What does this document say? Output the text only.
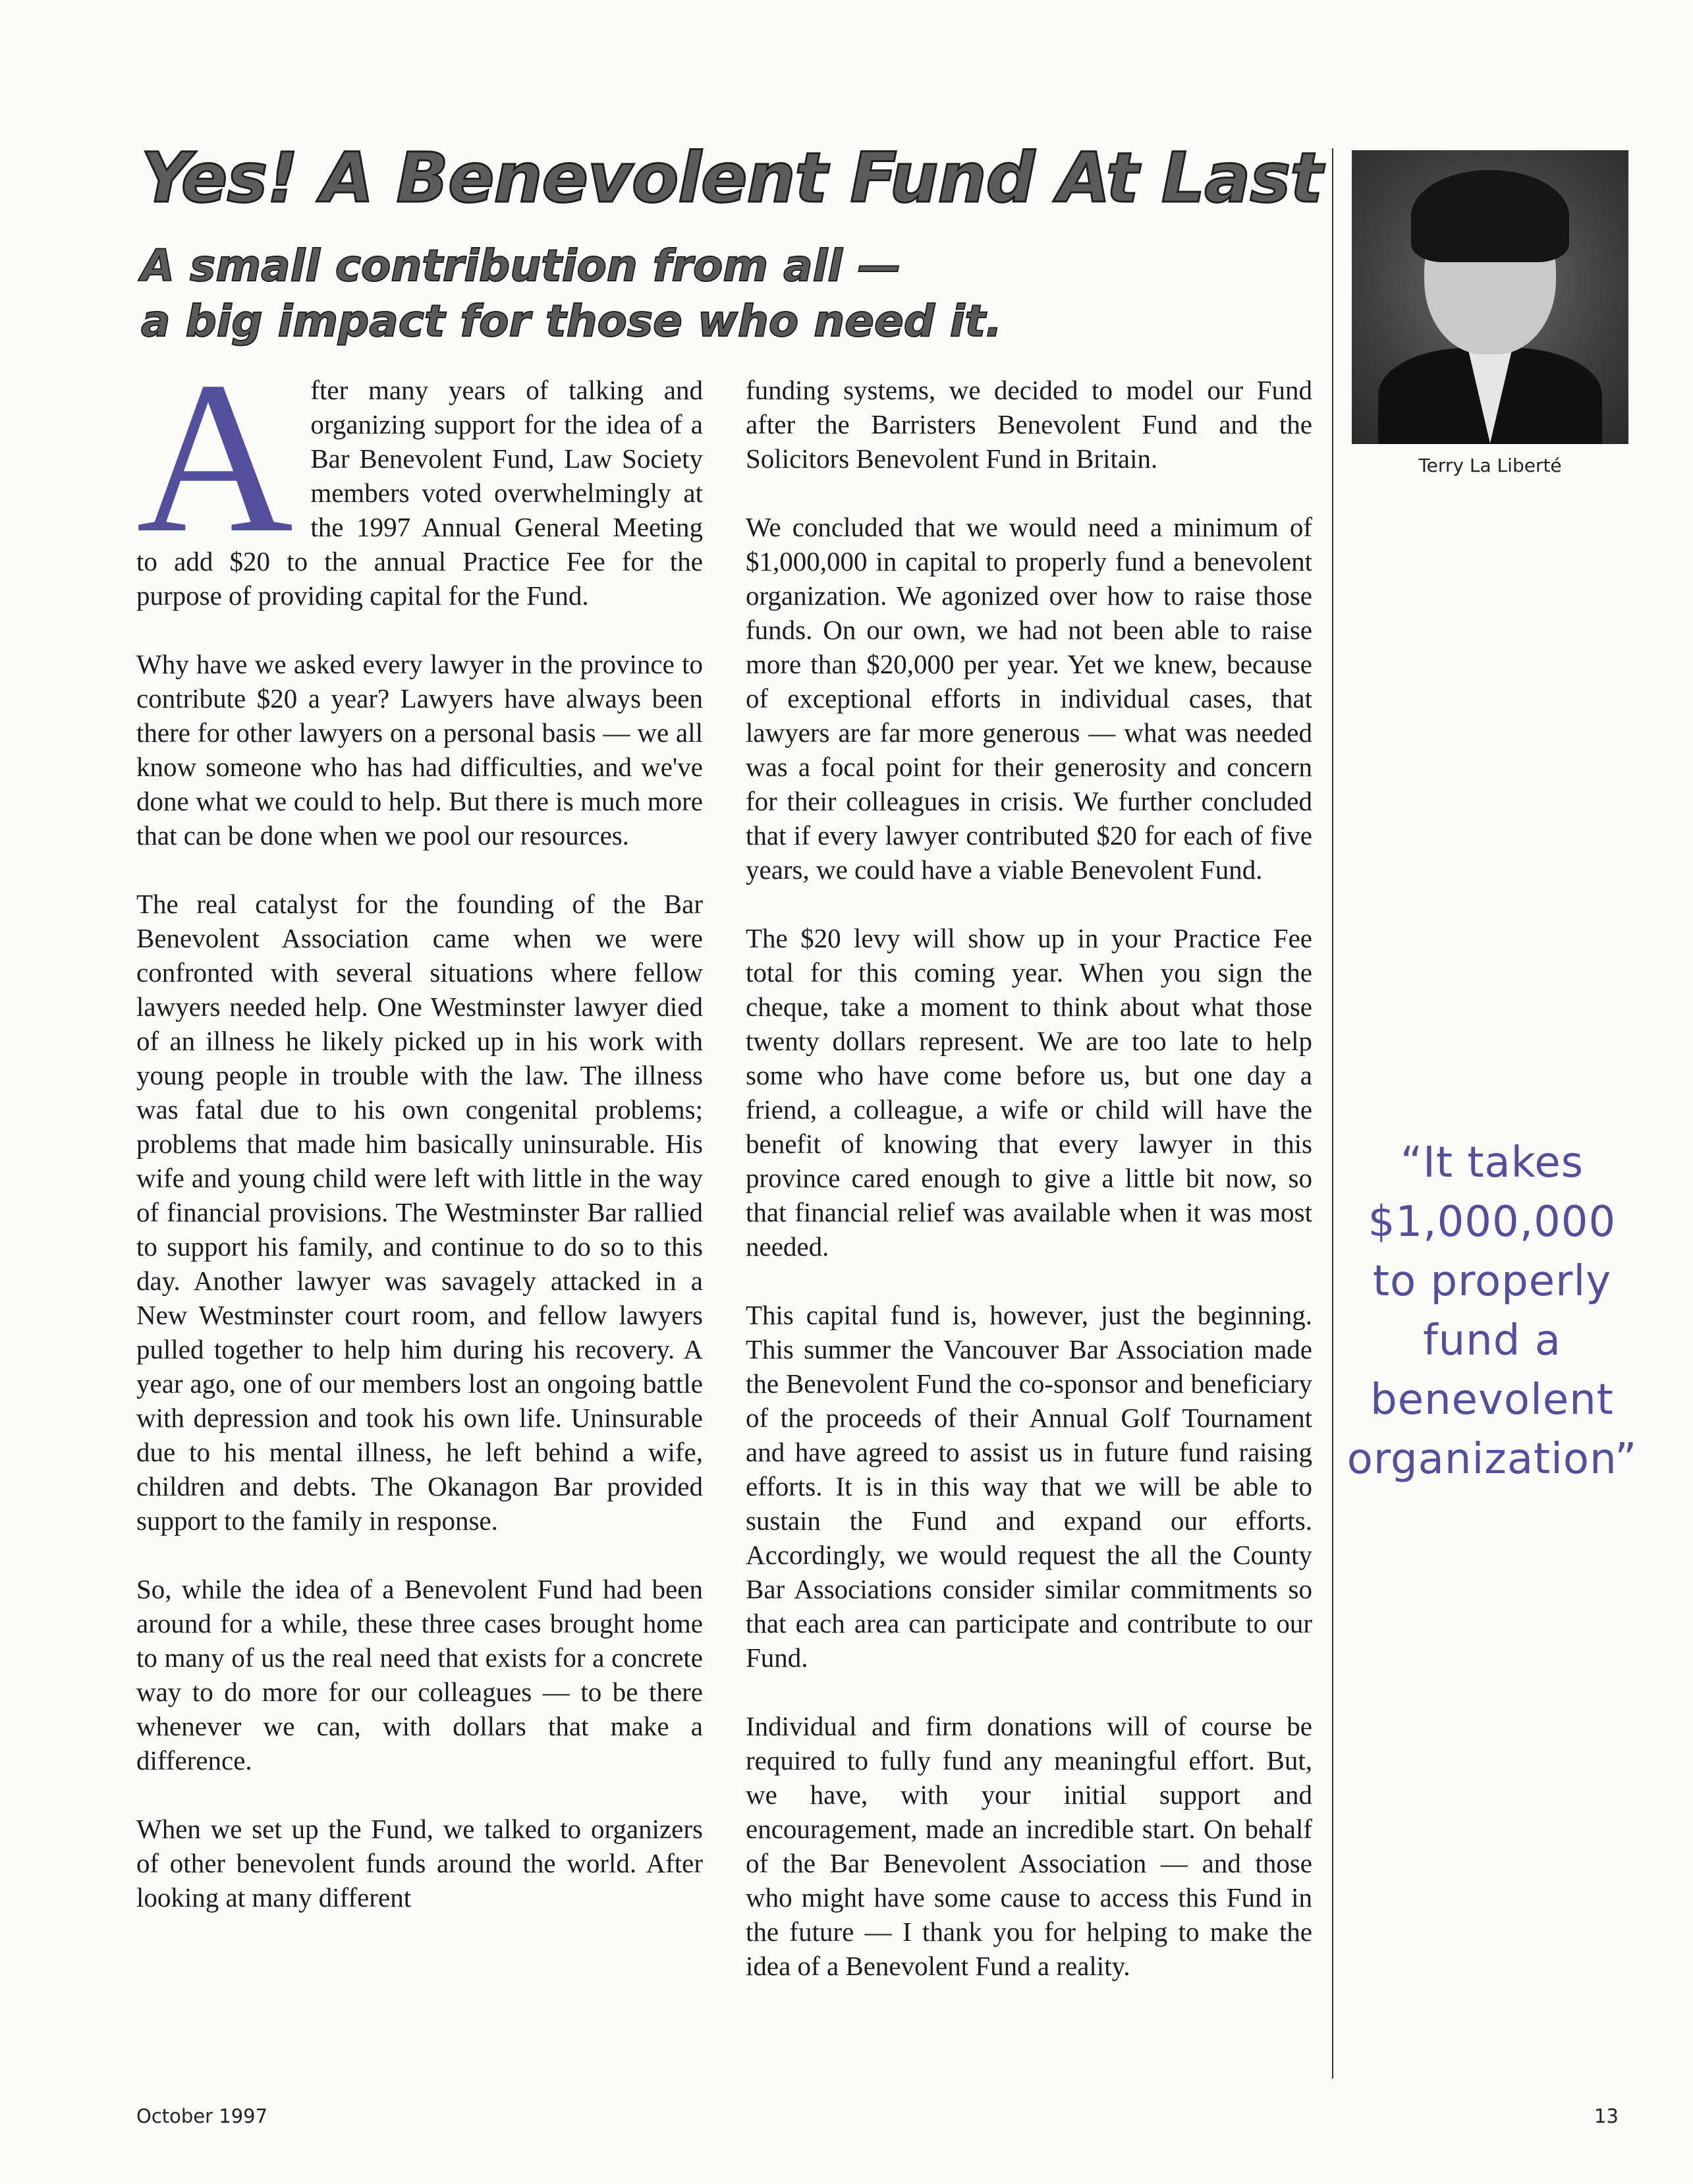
Yes! A Benevolent Fund At Last
A small contribution from all —
a big impact for those who need it.

After many years of talking and organizing support for the idea of a Bar Benevolent Fund, Law Society members voted overwhelmingly at the 1997 Annual General Meeting to add $20 to the annual Practice Fee for the purpose of providing capital for the Fund.

Why have we asked every lawyer in the province to contribute $20 a year? Lawyers have always been there for other lawyers on a personal basis — we all know someone who has had difficulties, and we've done what we could to help. But there is much more that can be done when we pool our resources.

The real catalyst for the founding of the Bar Benevolent Association came when we were confronted with several situations where fellow lawyers needed help. One Westminster lawyer died of an illness he likely picked up in his work with young people in trouble with the law. The illness was fatal due to his own congenital problems; problems that made him basically uninsurable. His wife and young child were left with little in the way of financial provisions. The Westminster Bar rallied to support his family, and continue to do so to this day. Another lawyer was savagely attacked in a New Westminster court room, and fellow lawyers pulled together to help him during his recovery. A year ago, one of our members lost an ongoing battle with depression and took his own life. Uninsurable due to his mental illness, he left behind a wife, children and debts. The Okanagon Bar provided support to the family in response.

So, while the idea of a Benevolent Fund had been around for a while, these three cases brought home to many of us the real need that exists for a concrete way to do more for our colleagues — to be there whenever we can, with dollars that make a difference.

When we set up the Fund, we talked to organizers of other benevolent funds around the world. After looking at many different

funding systems, we decided to model our Fund after the Barristers Benevolent Fund and the Solicitors Benevolent Fund in Britain.

We concluded that we would need a minimum of $1,000,000 in capital to properly fund a benevolent organization. We agonized over how to raise those funds. On our own, we had not been able to raise more than $20,000 per year. Yet we knew, because of exceptional efforts in individual cases, that lawyers are far more generous — what was needed was a focal point for their generosity and concern for their colleagues in crisis. We further concluded that if every lawyer contributed $20 for each of five years, we could have a viable Benevolent Fund.

The $20 levy will show up in your Practice Fee total for this coming year. When you sign the cheque, take a moment to think about what those twenty dollars represent. We are too late to help some who have come before us, but one day a friend, a colleague, a wife or child will have the benefit of knowing that every lawyer in this province cared enough to give a little bit now, so that financial relief was available when it was most needed.

This capital fund is, however, just the beginning. This summer the Vancouver Bar Association made the Benevolent Fund the co-sponsor and beneficiary of the proceeds of their Annual Golf Tournament and have agreed to assist us in future fund raising efforts. It is in this way that we will be able to sustain the Fund and expand our efforts. Accordingly, we would request the all the County Bar Associations consider similar commitments so that each area can participate and contribute to our Fund.

Individual and firm donations will of course be required to fully fund any meaningful effort. But, we have, with your initial support and encouragement, made an incredible start. On behalf of the Bar Benevolent Association — and those who might have some cause to access this Fund in the future — I thank you for helping to make the idea of a Benevolent Fund a reality.

Terry La Liberté

“It takes $1,000,000 to properly fund a benevolent organization”

October 1997	13
